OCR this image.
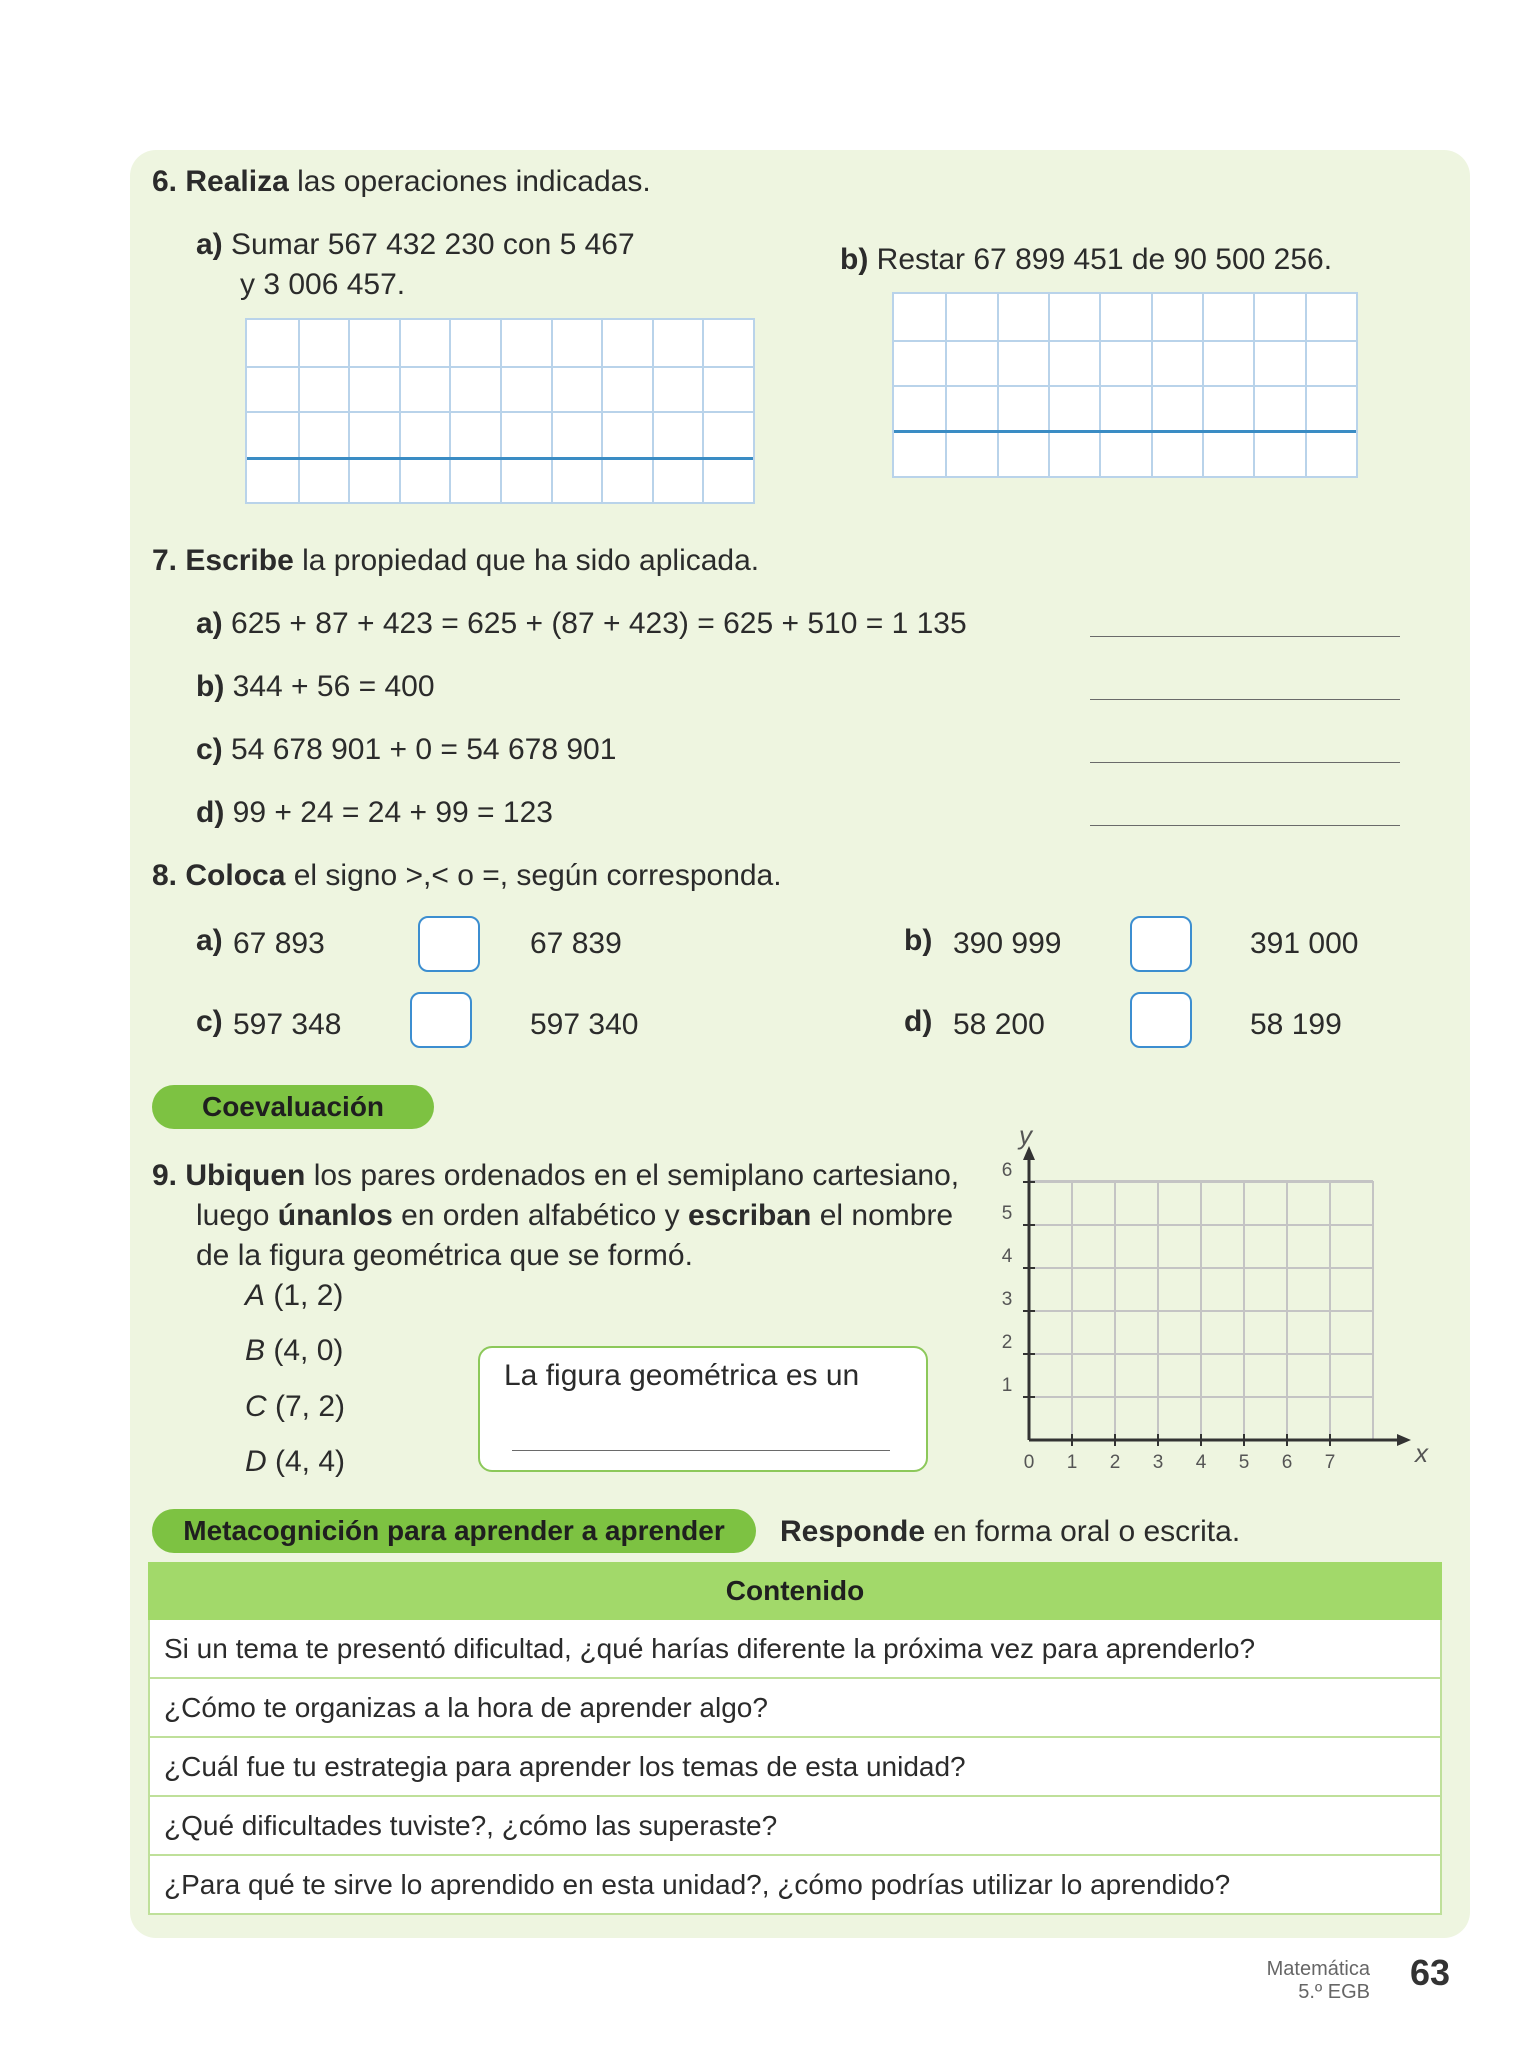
6. Realiza las operaciones indicadas.
a) Sumar 567 432 230 con 5 467
y 3 006 457.
b) Restar 67 899 451 de 90 500 256.
7. Escribe la propiedad que ha sido aplicada.
a) 625 + 87 + 423 = 625 + (87 + 423) = 625 + 510 = 1 135
b) 344 + 56 = 400
c) 54 678 901 + 0 = 54 678 901
d) 99 + 24 = 24 + 99 = 123
8. Coloca el signo >,< o =, según corresponda.
a) 67 893	67 839	b) 390 999	391 000
c) 597 348	597 340	d) 58 200	58 199
Coevaluación
9. Ubiquen los pares ordenados en el semiplano cartesiano,
luego únanlos en orden alfabético y escriban el nombre
de la figura geométrica que se formó.
A (1, 2)
B (4, 0)
C (7, 2)
D (4, 4)
La figura geométrica es un
0 1 2 3 4 5 6 7
1
2
3
4
5
6
x
y
Metacognición para aprender a aprender	Responde en forma oral o escrita.
Contenido
Si un tema te presentó dificultad, ¿qué harías diferente la próxima vez para aprenderlo?
¿Cómo te organizas a la hora de aprender algo?
¿Cuál fue tu estrategia para aprender los temas de esta unidad?
¿Qué dificultades tuviste?, ¿cómo las superaste?
¿Para qué te sirve lo aprendido en esta unidad?, ¿cómo podrías utilizar lo aprendido?
Matemática
5.º EGB 63
